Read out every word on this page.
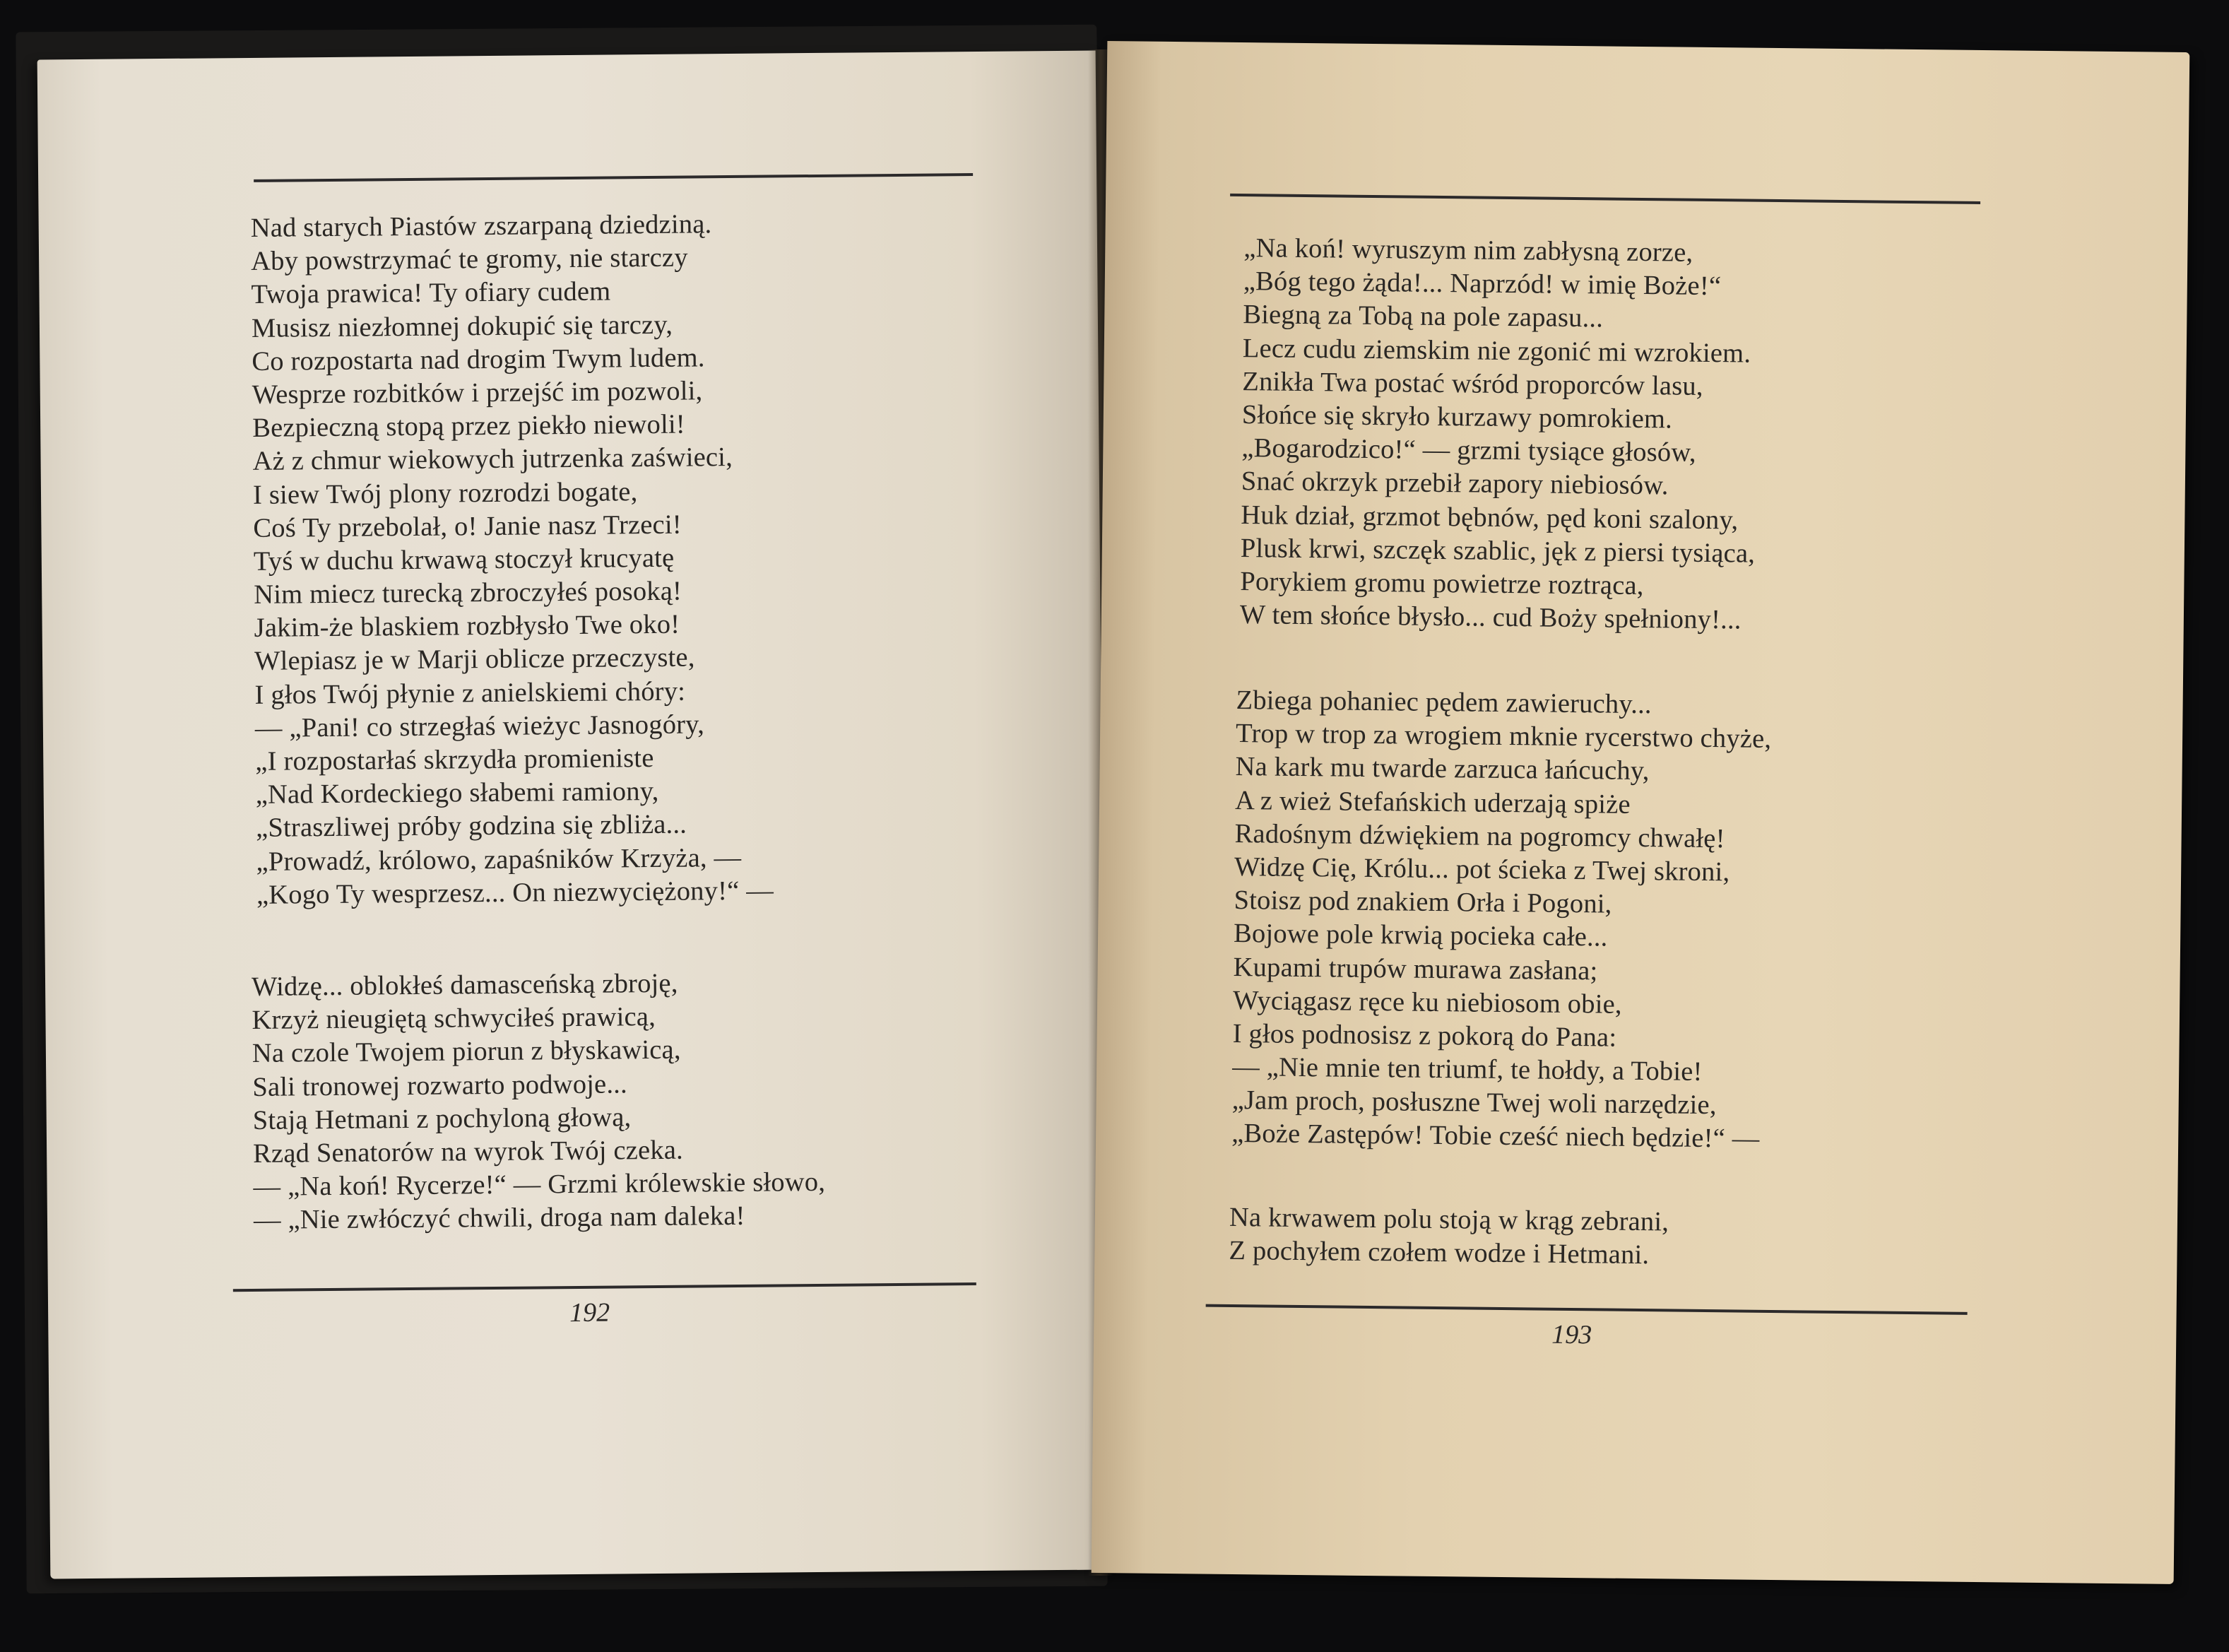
Nad starych Piastów zszarpaną dziedziną.
Aby powstrzymać te gromy, nie starczy
Twoja prawica! Ty ofiary cudem
Musisz niezłomnej dokupić się tarczy,
Co rozpostarta nad drogim Twym ludem.
Wesprze rozbitków i przejść im pozwoli,
Bezpieczną stopą przez piekło niewoli!
Aż z chmur wiekowych jutrzenka zaświeci,
I siew Twój plony rozrodzi bogate,
Coś Ty przebolał, o! Janie nasz Trzeci!
Tyś w duchu krwawą stoczył krucyatę
Nim miecz turecką zbroczyłeś posoką!
Jakim-że blaskiem rozbłysło Twe oko!
Wlepiasz je w Marji oblicze przeczyste,
I głos Twój płynie z anielskiemi chóry:
— „Pani! co strzegłaś wieżyc Jasnogóry,
„I rozpostarłaś skrzydła promieniste
„Nad Kordeckiego słabemi ramiony,
„Straszliwej próby godzina się zbliża...
„Prowadź, królowo, zapaśników Krzyża, —
„Kogo Ty wesprzesz... On niezwyciężony!“ —
Widzę... oblokłeś damasceńską zbroję,
Krzyż nieugiętą schwyciłeś prawicą,
Na czole Twojem piorun z błyskawicą,
Sali tronowej rozwarto podwoje...
Stają Hetmani z pochyloną głową,
Rząd Senatorów na wyrok Twój czeka.
— „Na koń! Rycerze!“ — Grzmi królewskie słowo,
— „Nie zwłóczyć chwili, droga nam daleka!
192
„Na koń! wyruszym nim zabłysną zorze,
„Bóg tego żąda!... Naprzód! w imię Boże!“
Biegną za Tobą na pole zapasu...
Lecz cudu ziemskim nie zgonić mi wzrokiem.
Znikła Twa postać wśród proporców lasu,
Słońce się skryło kurzawy pomrokiem.
„Bogarodzico!“ — grzmi tysiące głosów,
Snać okrzyk przebił zapory niebiosów.
Huk dział, grzmot bębnów, pęd koni szalony,
Plusk krwi, szczęk szablic, jęk z piersi tysiąca,
Porykiem gromu powietrze roztrąca,
W tem słońce błysło... cud Boży spełniony!...
Zbiega pohaniec pędem zawieruchy...
Trop w trop za wrogiem mknie rycerstwo chyże,
Na kark mu twarde zarzuca łańcuchy,
A z wież Stefańskich uderzają spiże
Radośnym dźwiękiem na pogromcy chwałę!
Widzę Cię, Królu... pot ścieka z Twej skroni,
Stoisz pod znakiem Orła i Pogoni,
Bojowe pole krwią pocieka całe...
Kupami trupów murawa zasłana;
Wyciągasz ręce ku niebiosom obie,
I głos podnosisz z pokorą do Pana:
— „Nie mnie ten triumf, te hołdy, a Tobie!
„Jam proch, posłuszne Twej woli narzędzie,
„Boże Zastępów! Tobie cześć niech będzie!“ —
Na krwawem polu stoją w krąg zebrani,
Z pochyłem czołem wodze i Hetmani.
193
